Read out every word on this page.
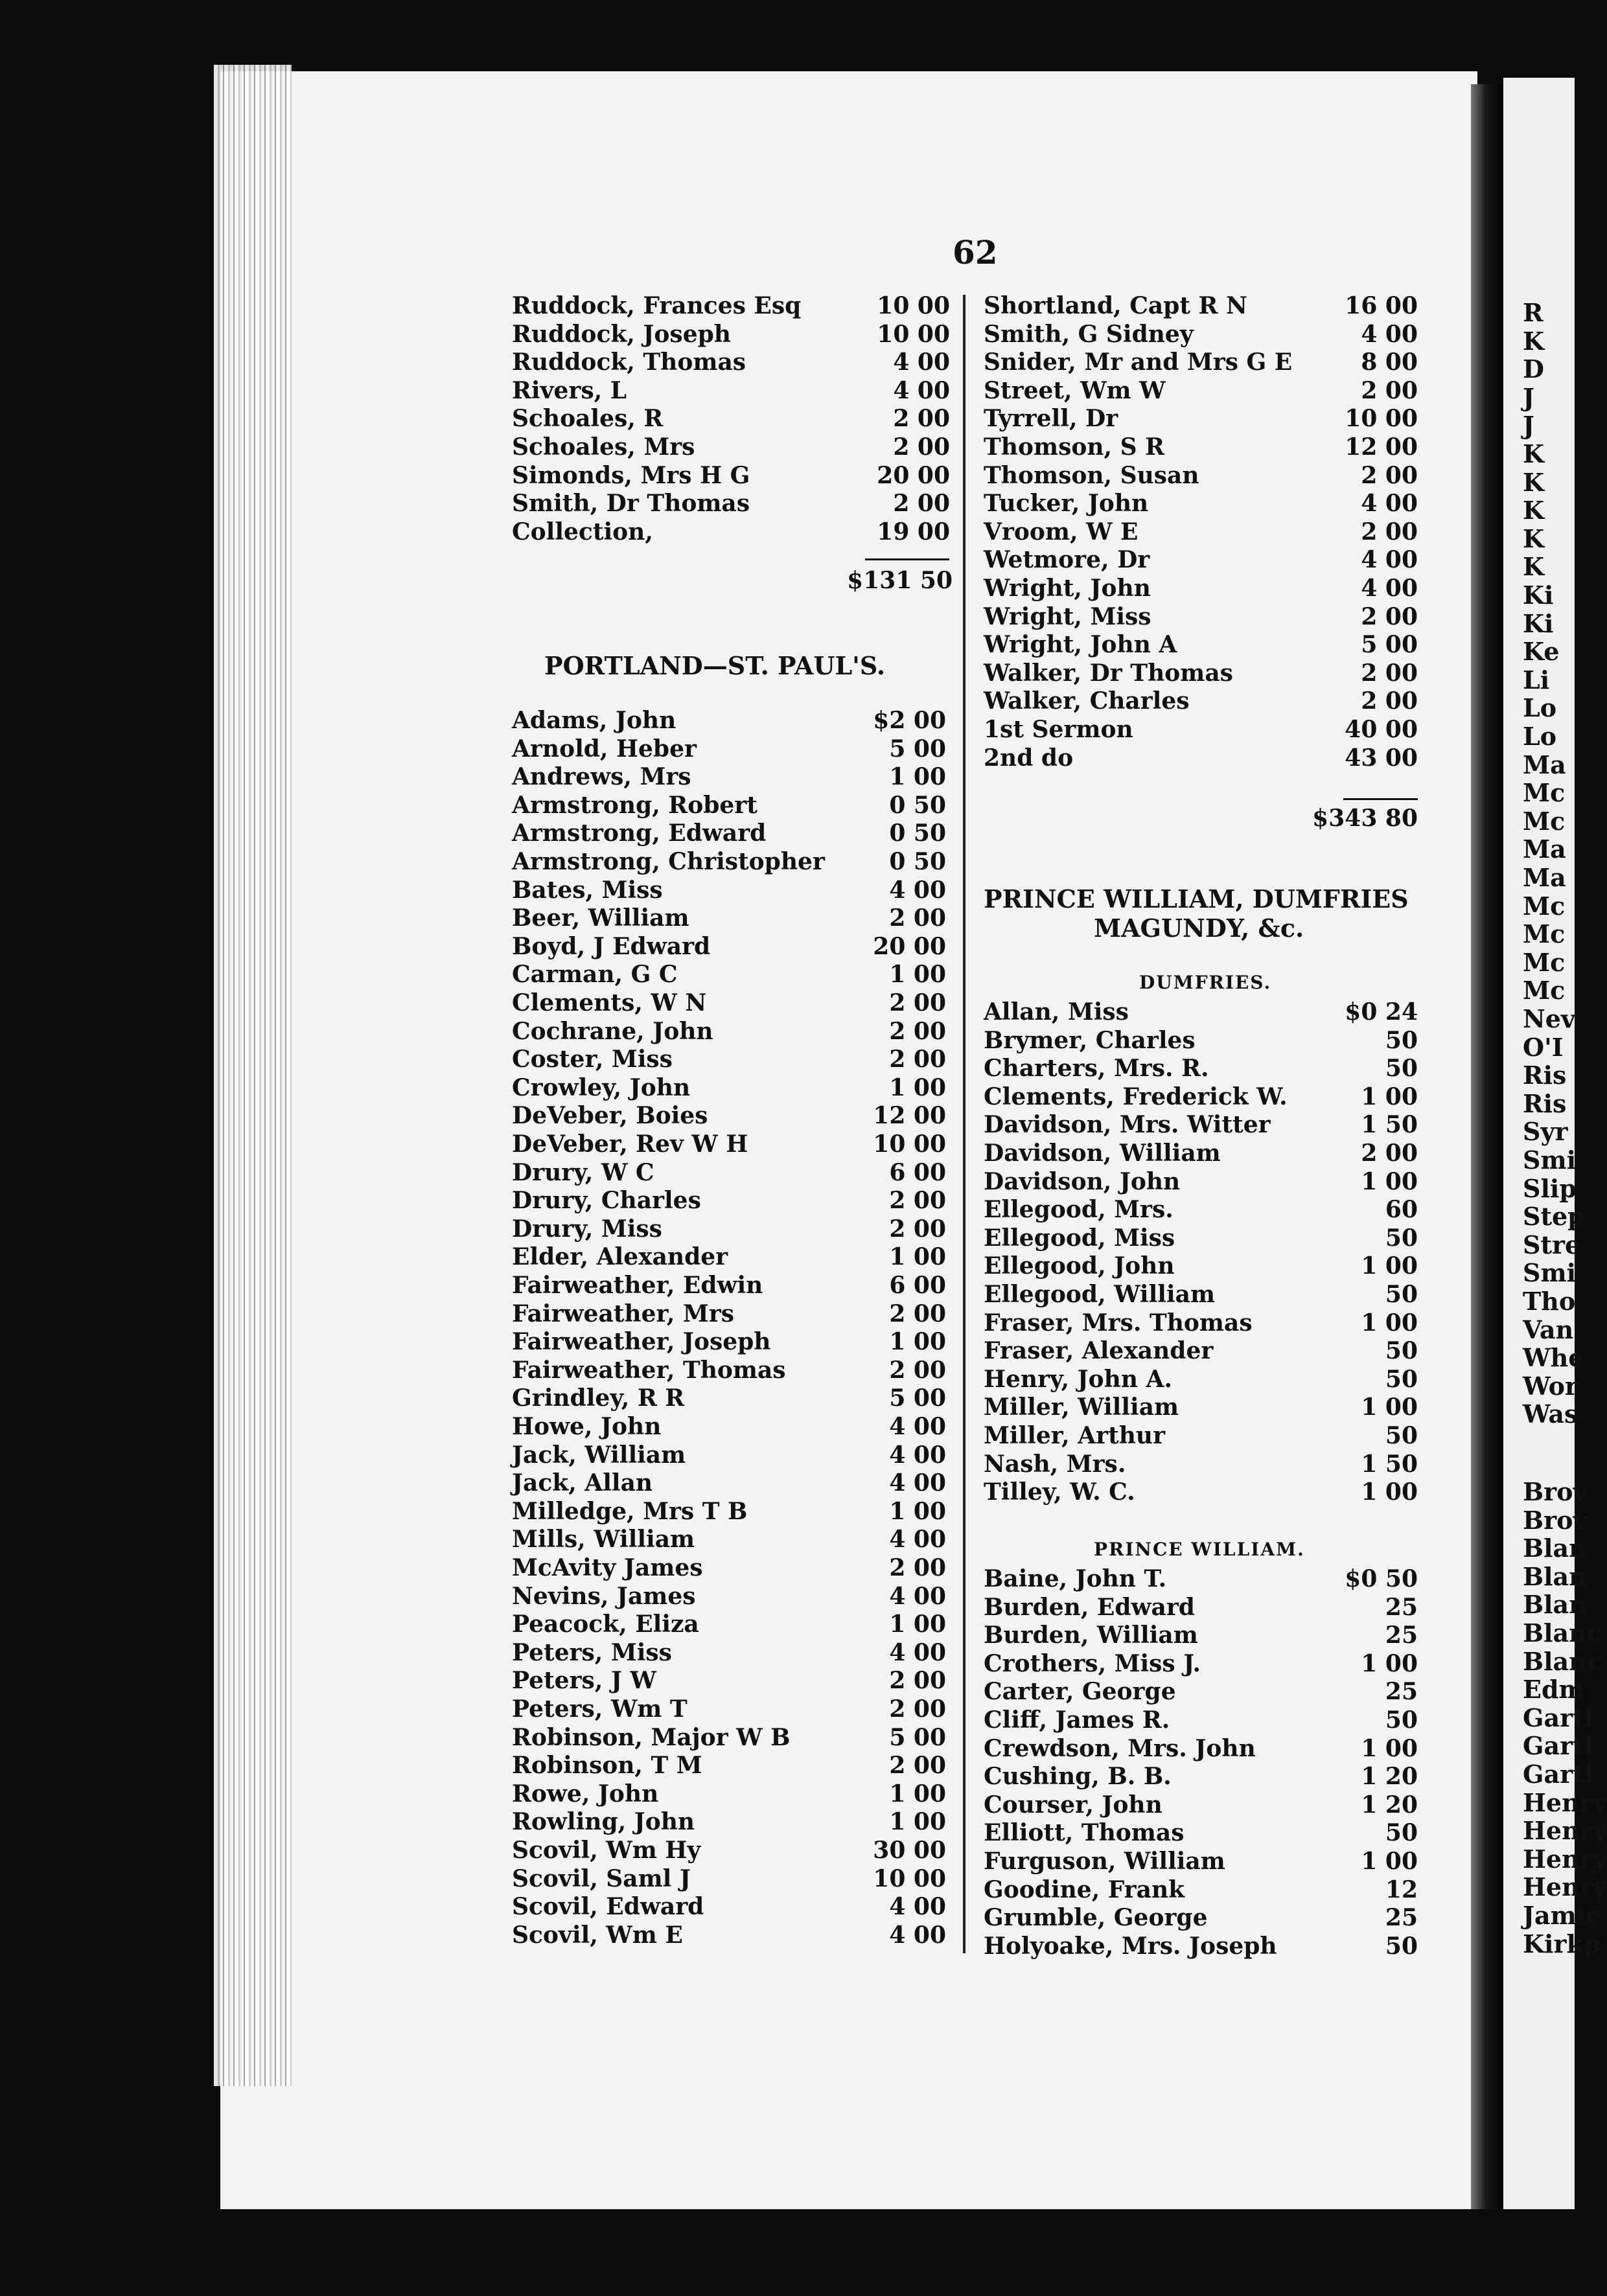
R
K
D
J
J
K
K
K
K
K
Ki
Ki
Ke
Li
Lo
Lo
Ma
Mc
Mc
Ma
Ma
Mc
Mc
Mc
Mc
Nev
O'I
Ris
Ris
Syr
Smi
Slip
Step
Stre
Smi
Tho
Van
Whe
Wor
Was
Brov
Brov
Blan
Blan
Blan
Blanc
Blanc
Edm
Gartl
Gartl
Gartl
Henry
Henry
Henry
Henry
Jamie
Kirkp
62
PORTLAND—ST. PAUL'S.
Ruddock, Frances Esq	10 00
Ruddock, Joseph	10 00
Ruddock, Thomas	4 00
Rivers, L	4 00
Schoales, R	2 00
Schoales, Mrs	2 00
Simonds, Mrs H G	20 00
Smith, Dr Thomas	2 00
Collection,	19 00
$131 50
Adams, John	$2 00
Arnold, Heber	5 00
Andrews, Mrs	1 00
Armstrong, Robert	0 50
Armstrong, Edward	0 50
Armstrong, Christopher	0 50
Bates, Miss	4 00
Beer, William	2 00
Boyd, J Edward	20 00
Carman, G C	1 00
Clements, W N	2 00
Cochrane, John	2 00
Coster, Miss	2 00
Crowley, John	1 00
DeVeber, Boies	12 00
DeVeber, Rev W H	10 00
Drury, W C	6 00
Drury, Charles	2 00
Drury, Miss	2 00
Elder, Alexander	1 00
Fairweather, Edwin	6 00
Fairweather, Mrs	2 00
Fairweather, Joseph	1 00
Fairweather, Thomas	2 00
Grindley, R R	5 00
Howe, John	4 00
Jack, William	4 00
Jack, Allan	4 00
Milledge, Mrs T B	1 00
Mills, William	4 00
McAvity James	2 00
Nevins, James	4 00
Peacock, Eliza	1 00
Peters, Miss	4 00
Peters, J W	2 00
Peters, Wm T	2 00
Robinson, Major W B	5 00
Robinson, T M	2 00
Rowe, John	1 00
Rowling, John	1 00
Scovil, Wm Hy	30 00
Scovil, Saml J	10 00
Scovil, Edward	4 00
Scovil, Wm E	4 00
PRINCE WILLIAM, DUMFRIES
MAGUNDY, &c.
DUMFRIES.
PRINCE WILLIAM.
Shortland, Capt R N	16 00
Smith, G Sidney	4 00
Snider, Mr and Mrs G E	8 00
Street, Wm W	2 00
Tyrrell, Dr	10 00
Thomson, S R	12 00
Thomson, Susan	2 00
Tucker, John	4 00
Vroom, W E	2 00
Wetmore, Dr	4 00
Wright, John	4 00
Wright, Miss	2 00
Wright, John A	5 00
Walker, Dr Thomas	2 00
Walker, Charles	2 00
1st Sermon	40 00
2nd do	43 00
$343 80
Allan, Miss	$0 24
Brymer, Charles	50
Charters, Mrs. R.	50
Clements, Frederick W.	1 00
Davidson, Mrs. Witter	1 50
Davidson, William	2 00
Davidson, John	1 00
Ellegood, Mrs.	60
Ellegood, Miss	50
Ellegood, John	1 00
Ellegood, William	50
Fraser, Mrs. Thomas	1 00
Fraser, Alexander	50
Henry, John A.	50
Miller, William	1 00
Miller, Arthur	50
Nash, Mrs.	1 50
Tilley, W. C.	1 00
Baine, John T.	$0 50
Burden, Edward	25
Burden, William	25
Crothers, Miss J.	1 00
Carter, George	25
Cliff, James R.	50
Crewdson, Mrs. John	1 00
Cushing, B. B.	1 20
Courser, John	1 20
Elliott, Thomas	50
Furguson, William	1 00
Goodine, Frank	12
Grumble, George	25
Holyoake, Mrs. Joseph	50
